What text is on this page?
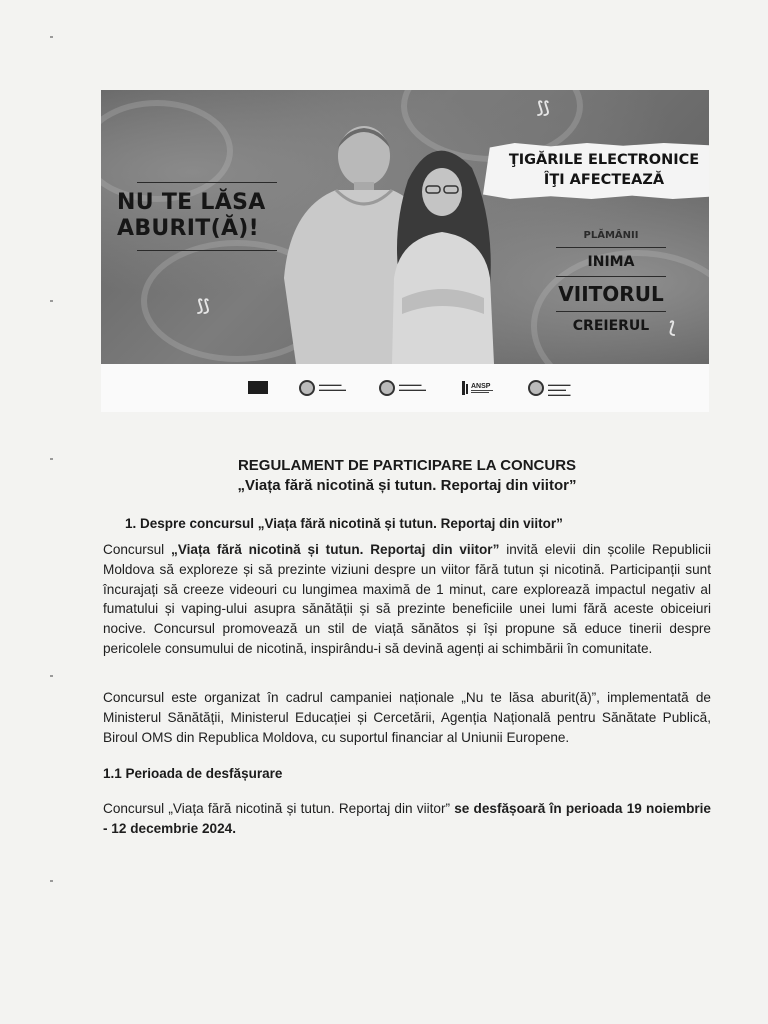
NU TE LĂSA
ABURIT(Ă)!
ŢIGĂRILE ELECTRONICE
ÎŢI AFECTEAZĂ
PLĂMÂNII
INIMA
VIITORUL
CREIERUL
⟆⟆
⟆⟆
⟅
▬▬▬▬▬
▬▬▬▬▬▬
▬▬▬▬▬
▬▬▬▬▬▬	ANSP	▬▬▬▬▬
▬▬▬▬
▬▬▬▬▬
REGULAMENT DE PARTICIPARE LA CONCURS
„Viața fără nicotină și tutun. Reportaj din viitor”
1. Despre concursul „Viața fără nicotină și tutun. Reportaj din viitor”

Concursul „Viața fără nicotină și tutun. Reportaj din viitor” invită elevii din școlile Republicii Moldova să exploreze și să prezinte viziuni despre un viitor fără tutun și nicotină. Participanții sunt încurajați să creeze videouri cu lungimea maximă de 1 minut, care explorează impactul negativ al fumatului și vaping-ului asupra sănătății și să prezinte beneficiile unei lumi fără aceste obiceiuri nocive. Concursul promovează un stil de viață sănătos și își propune să educe tinerii despre pericolele consumului de nicotină, inspirându-i să devină agenți ai schimbării în comunitate.

Concursul este organizat în cadrul campaniei naționale „Nu te lăsa aburit(ă)”, implementată de Ministerul Sănătății, Ministerul Educației și Cercetării, Agenția Națională pentru Sănătate Publică, Biroul OMS din Republica Moldova, cu suportul financiar al Uniunii Europene.

1.1 Perioada de desfășurare

Concursul „Viața fără nicotină și tutun. Reportaj din viitor” se desfășoară în perioada 19 noiembrie - 12 decembrie 2024.
